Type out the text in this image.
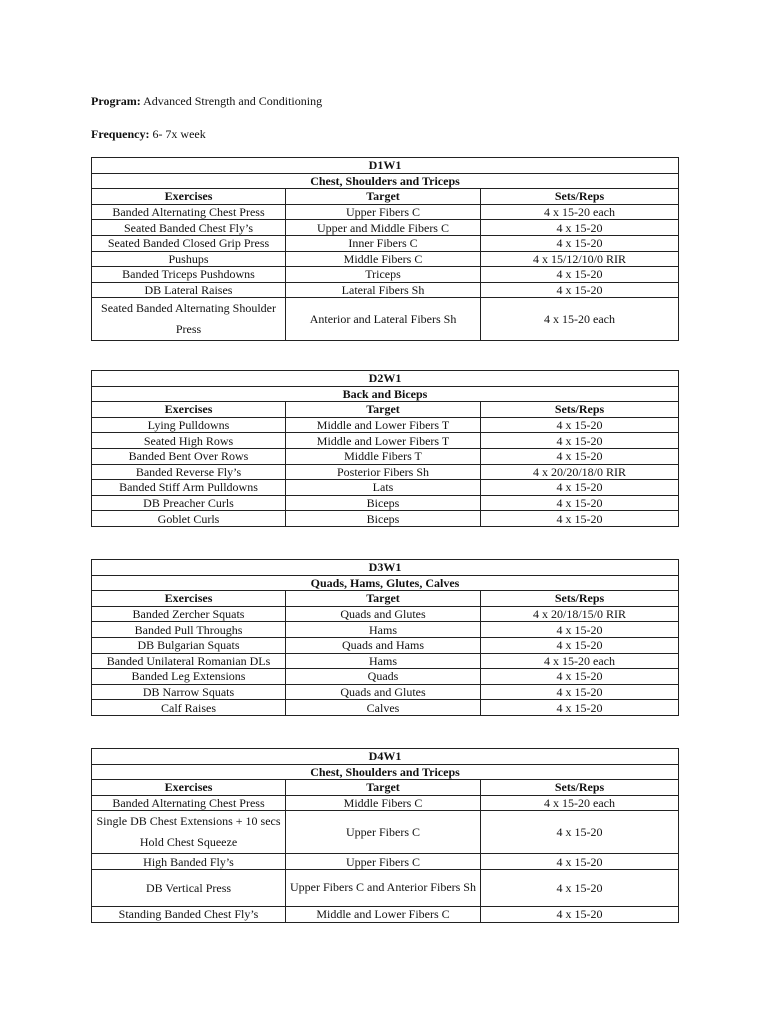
Program: Advanced Strength and Conditioning
Frequency: 6- 7x week
D1W1		
Chest, Shoulders and Triceps		
Exercises	Target	Sets/Reps
Banded Alternating Chest Press	Upper Fibers C	4 x 15-20 each
Seated Banded Chest Fly’s	Upper and Middle Fibers C	4 x 15-20
Seated Banded Closed Grip Press	Inner Fibers C	4 x 15-20
Pushups	Middle Fibers C	4 x 15/12/10/0 RIR
Banded Triceps Pushdowns	Triceps	4 x 15-20
DB Lateral Raises	Lateral Fibers Sh	4 x 15-20
Seated Banded Alternating Shoulder Press	Anterior and Lateral Fibers Sh	4 x 15-20 each
D2W1		
Back and Biceps		
Exercises	Target	Sets/Reps
Lying Pulldowns	Middle and Lower Fibers T	4 x 15-20
Seated High Rows	Middle and Lower Fibers T	4 x 15-20
Banded Bent Over Rows	Middle Fibers T	4 x 15-20
Banded Reverse Fly’s	Posterior Fibers Sh	4 x 20/20/18/0 RIR
Banded Stiff Arm Pulldowns	Lats	4 x 15-20
DB Preacher Curls	Biceps	4 x 15-20
Goblet Curls	Biceps	4 x 15-20
D3W1		
Quads, Hams, Glutes, Calves		
Exercises	Target	Sets/Reps
Banded Zercher Squats	Quads and Glutes	4 x 20/18/15/0 RIR
Banded Pull Throughs	Hams	4 x 15-20
DB Bulgarian Squats	Quads and Hams	4 x 15-20
Banded Unilateral Romanian DLs	Hams	4 x 15-20 each
Banded Leg Extensions	Quads	4 x 15-20
DB Narrow Squats	Quads and Glutes	4 x 15-20
Calf Raises	Calves	4 x 15-20
D4W1		
Chest, Shoulders and Triceps		
Exercises	Target	Sets/Reps
Banded Alternating Chest Press	Middle Fibers C	4 x 15-20 each
Single DB Chest Extensions + 10 secs Hold Chest Squeeze	Upper Fibers C	4 x 15-20
High Banded Fly’s	Upper Fibers C	4 x 15-20
DB Vertical Press	Upper Fibers C and Anterior Fibers Sh	4 x 15-20
Standing Banded Chest Fly’s	Middle and Lower Fibers C	4 x 15-20
